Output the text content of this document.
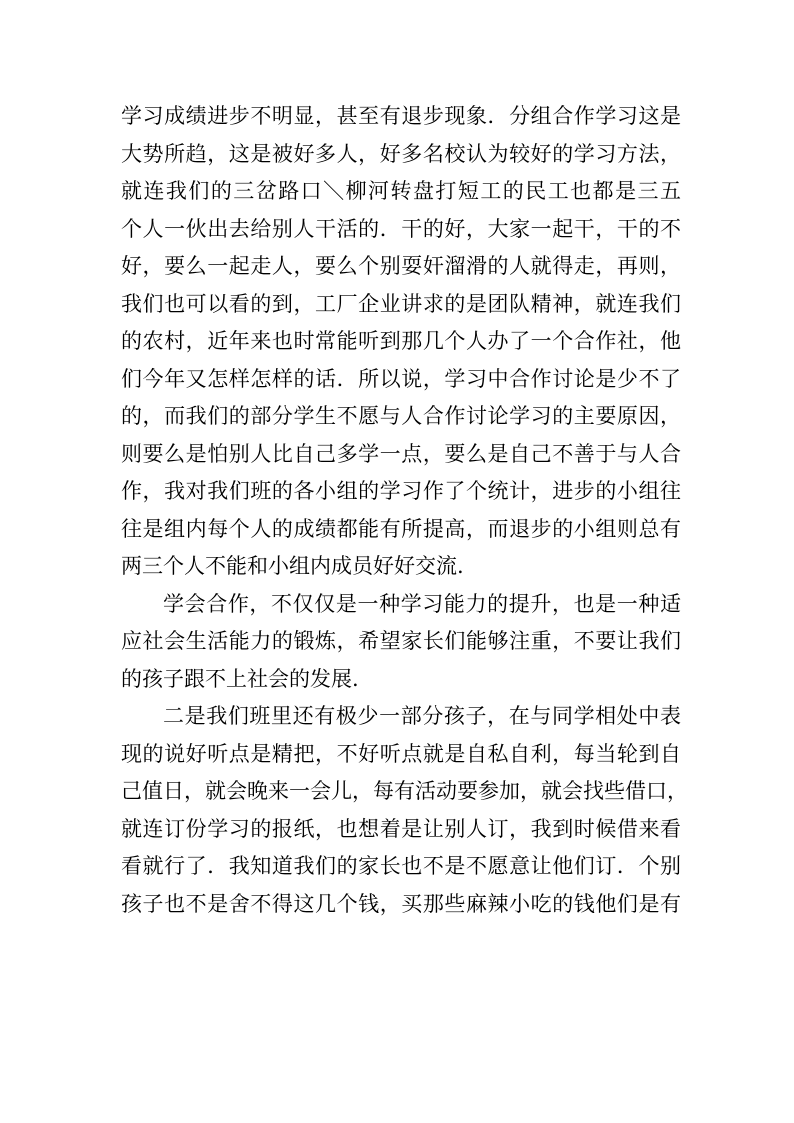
学习成绩进步不明显，甚至有退步现象．分组合作学习这是
大势所趋，这是被好多人，好多名校认为较好的学习方法，
就连我们的三岔路口＼柳河转盘打短工的民工也都是三五
个人一伙出去给别人干活的．干的好，大家一起干，干的不
好，要么一起走人，要么个别耍奸溜滑的人就得走，再则，
我们也可以看的到，工厂企业讲求的是团队精神，就连我们
的农村，近年来也时常能听到那几个人办了一个合作社，他
们今年又怎样怎样的话．所以说，学习中合作讨论是少不了
的，而我们的部分学生不愿与人合作讨论学习的主要原因，
则要么是怕别人比自己多学一点，要么是自己不善于与人合
作，我对我们班的各小组的学习作了个统计，进步的小组往
往是组内每个人的成绩都能有所提高，而退步的小组则总有
两三个人不能和小组内成员好好交流.
学会合作，不仅仅是一种学习能力的提升，也是一种适
应社会生活能力的锻炼，希望家长们能够注重，不要让我们
的孩子跟不上社会的发展.
二是我们班里还有极少一部分孩子，在与同学相处中表
现的说好听点是精把，不好听点就是自私自利，每当轮到自
己值日，就会晚来一会儿，每有活动要参加，就会找些借口，
就连订份学习的报纸，也想着是让别人订，我到时候借来看
看就行了．我知道我们的家长也不是不愿意让他们订．个别
孩子也不是舍不得这几个钱，买那些麻辣小吃的钱他们是有
